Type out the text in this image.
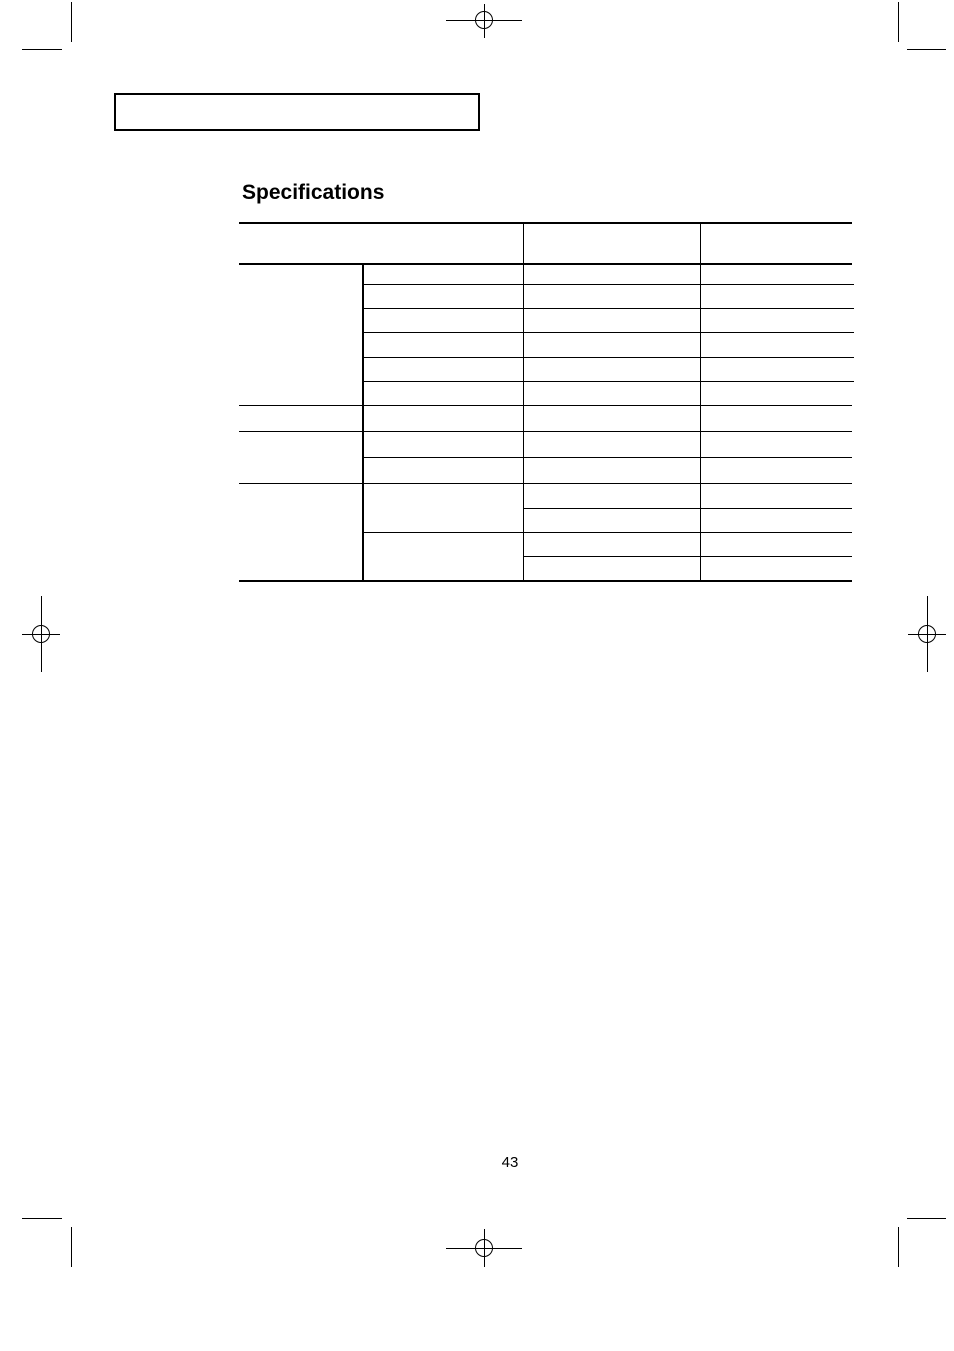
Specifications
43
